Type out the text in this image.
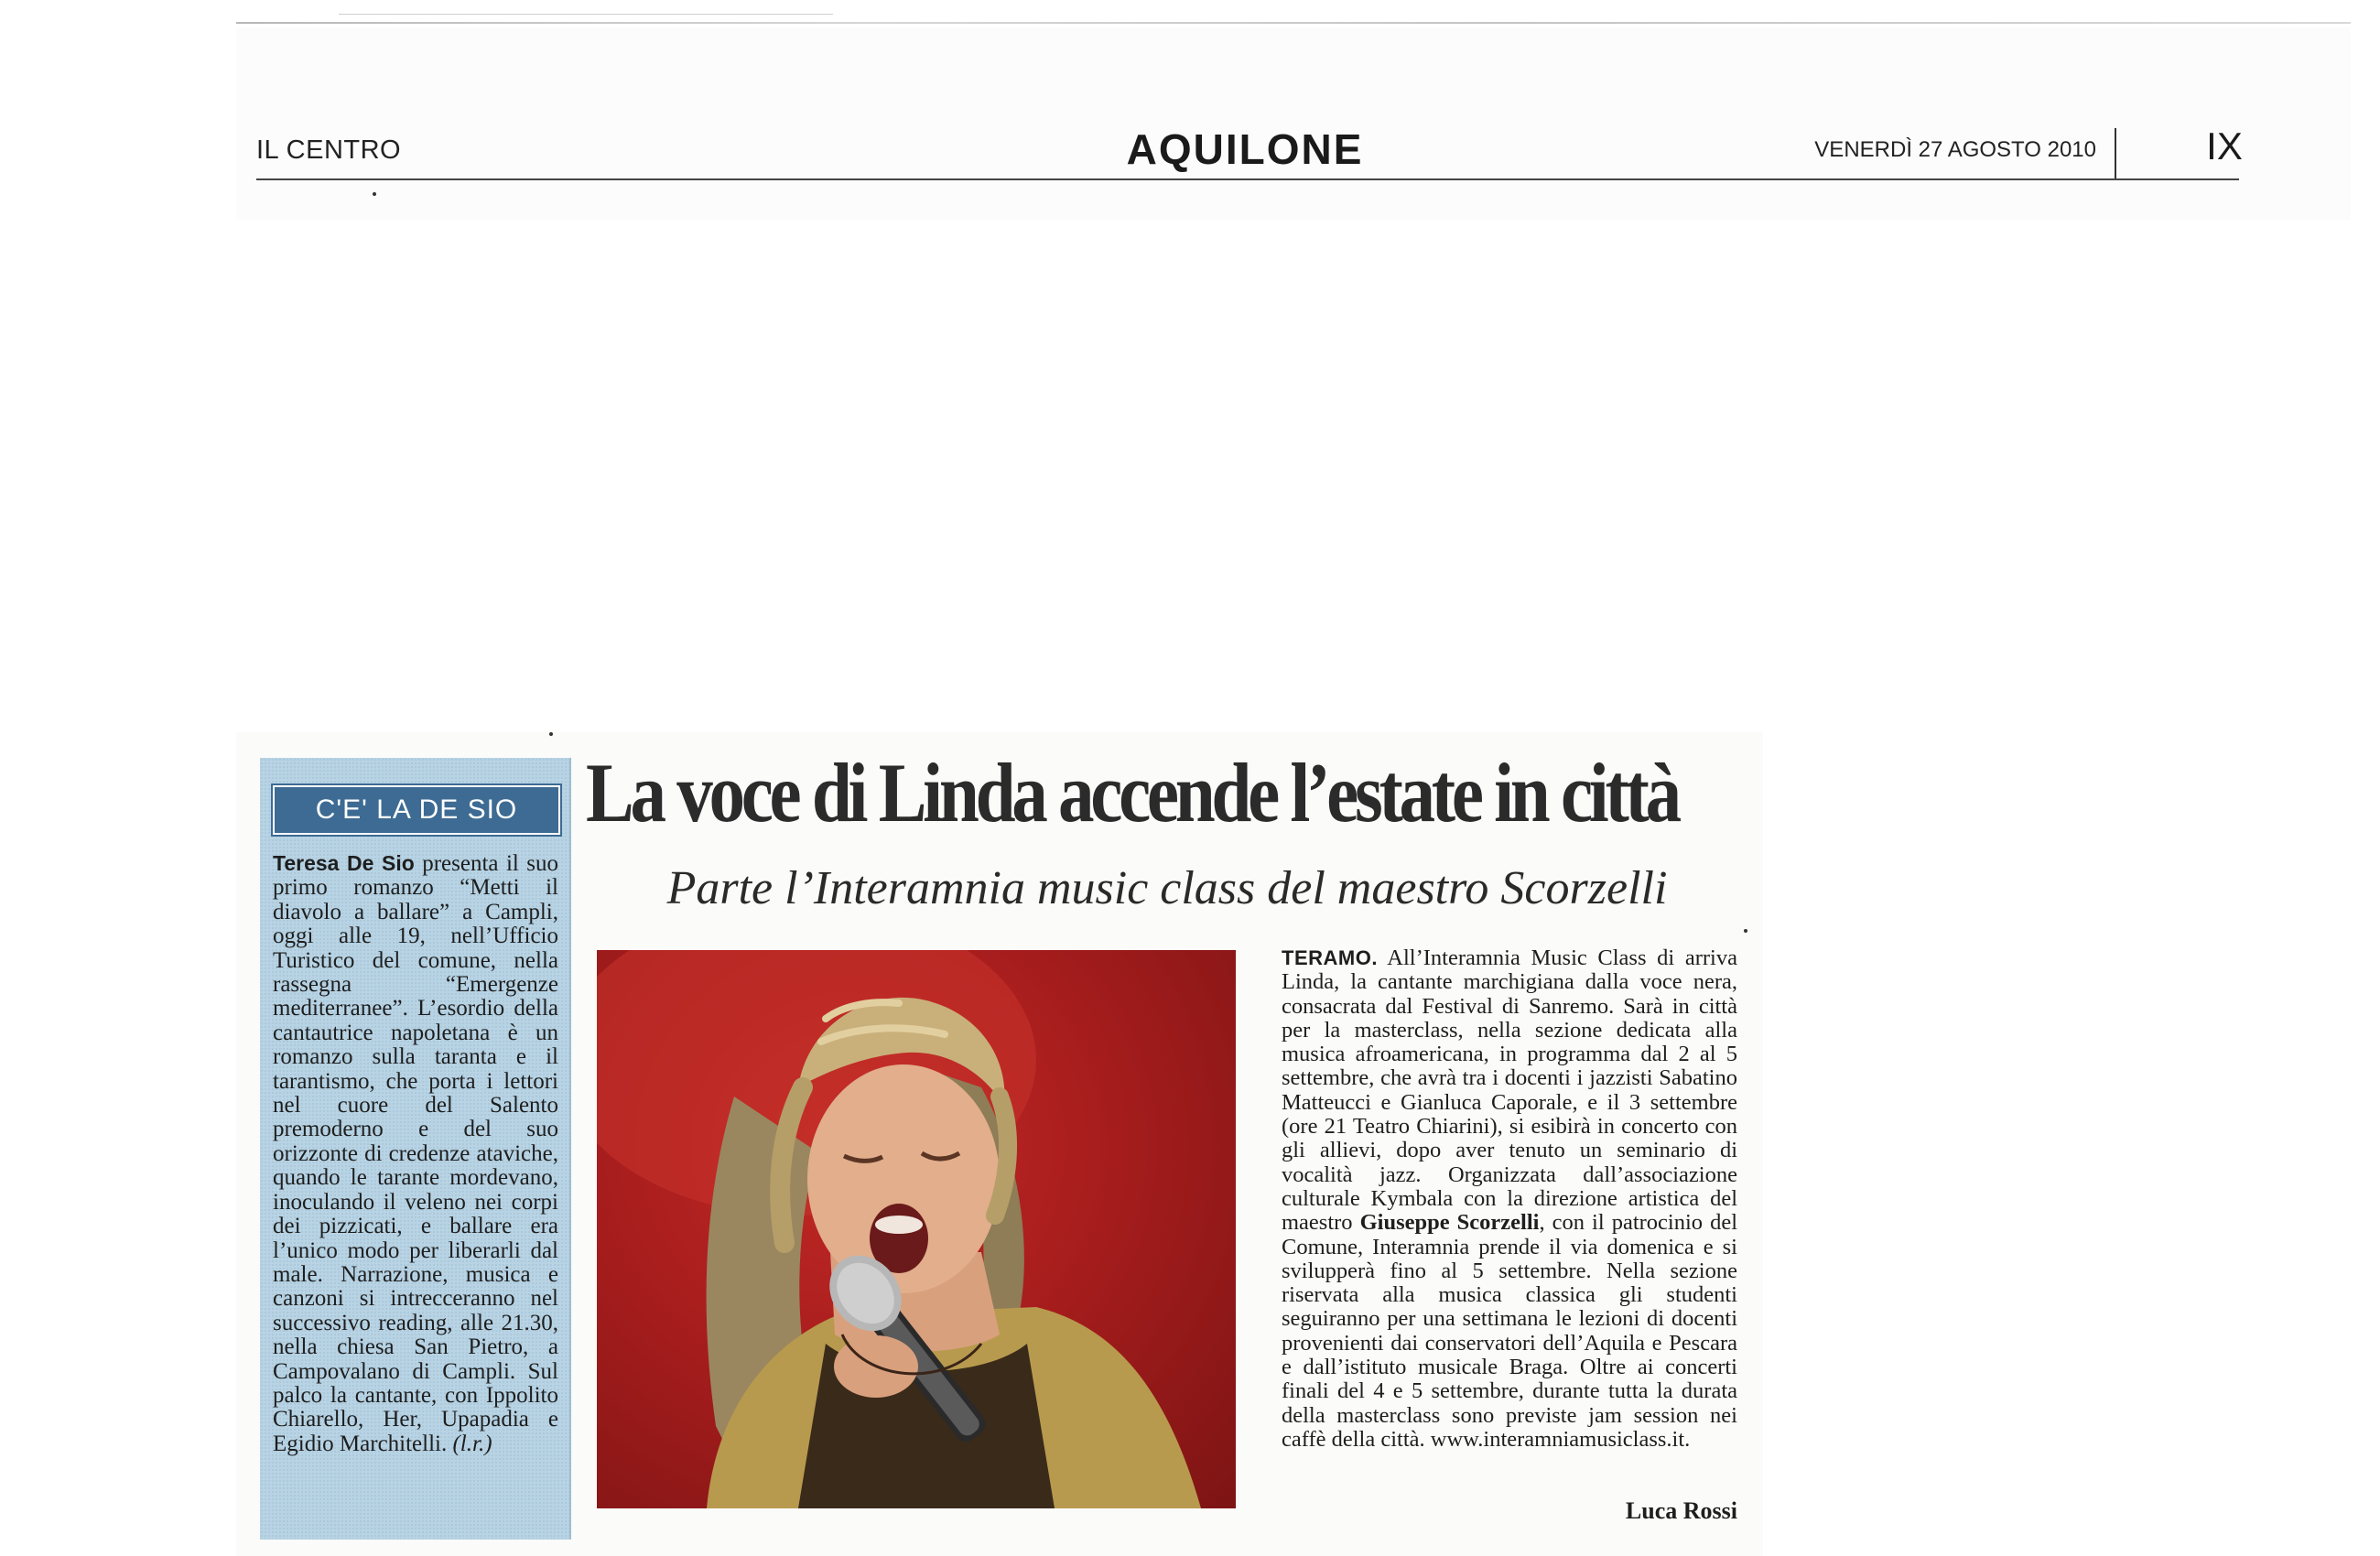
IL CENTRO	AQUILONE	VENERDÌ 27 AGOSTO 2010	IX
C'E' LA DE SIO

Teresa De Sio presenta il suo primo romanzo “Metti il diavolo a ballare” a Campli, oggi alle 19, nell’Ufficio Turistico del comune, nella rassegna “Emergenze mediterranee”. L’esordio della cantautrice napoletana è un romanzo sulla taranta e il tarantismo, che porta i lettori nel cuore del Salento premoderno e del suo orizzonte di credenze ataviche, quando le tarante mordevano, inoculando il veleno nei corpi dei pizzicati, e ballare era l’unico modo per liberarli dal male. Narrazione, musica e canzoni si intrecceranno nel successivo reading, alle 21.30, nella chiesa San Pietro, a Campovalano di Campli. Sul palco la cantante, con Ippolito Chiarello, Her, Upapadia e Egidio Marchitelli. (l.r.)

La voce di Linda accende l’estate in città
Parte l’Interamnia music class del maestro Scorzelli

TERAMO. All’Interamnia Music Class di arriva Linda, la cantante marchigiana dalla voce nera, consacrata dal Festival di Sanremo. Sarà in città per la masterclass, nella sezione dedicata alla musica afroamericana, in programma dal 2 al 5 settembre, che avrà tra i docenti i jazzisti Sabatino Matteucci e Gianluca Caporale, e il 3 settembre (ore 21 Teatro Chiarini), si esibirà in concerto con gli allievi, dopo aver tenuto un seminario di vocalità jazz. Organizzata dall’associazione culturale Kymbala con la direzione artistica del maestro Giuseppe Scorzelli, con il patrocinio del Comune, Interamnia prende il via domenica e si svilupperà fino al 5 settembre. Nella sezione riservata alla musica classica gli studenti seguiranno per una settimana le lezioni di docenti provenienti dai conservatori dell’Aquila e Pescara e dall’istituto musicale Braga. Oltre ai concerti finali del 4 e 5 settembre, durante tutta la durata della masterclass sono previste jam session nei caffè della città. www.interamniamusiclass.it.

Luca Rossi
